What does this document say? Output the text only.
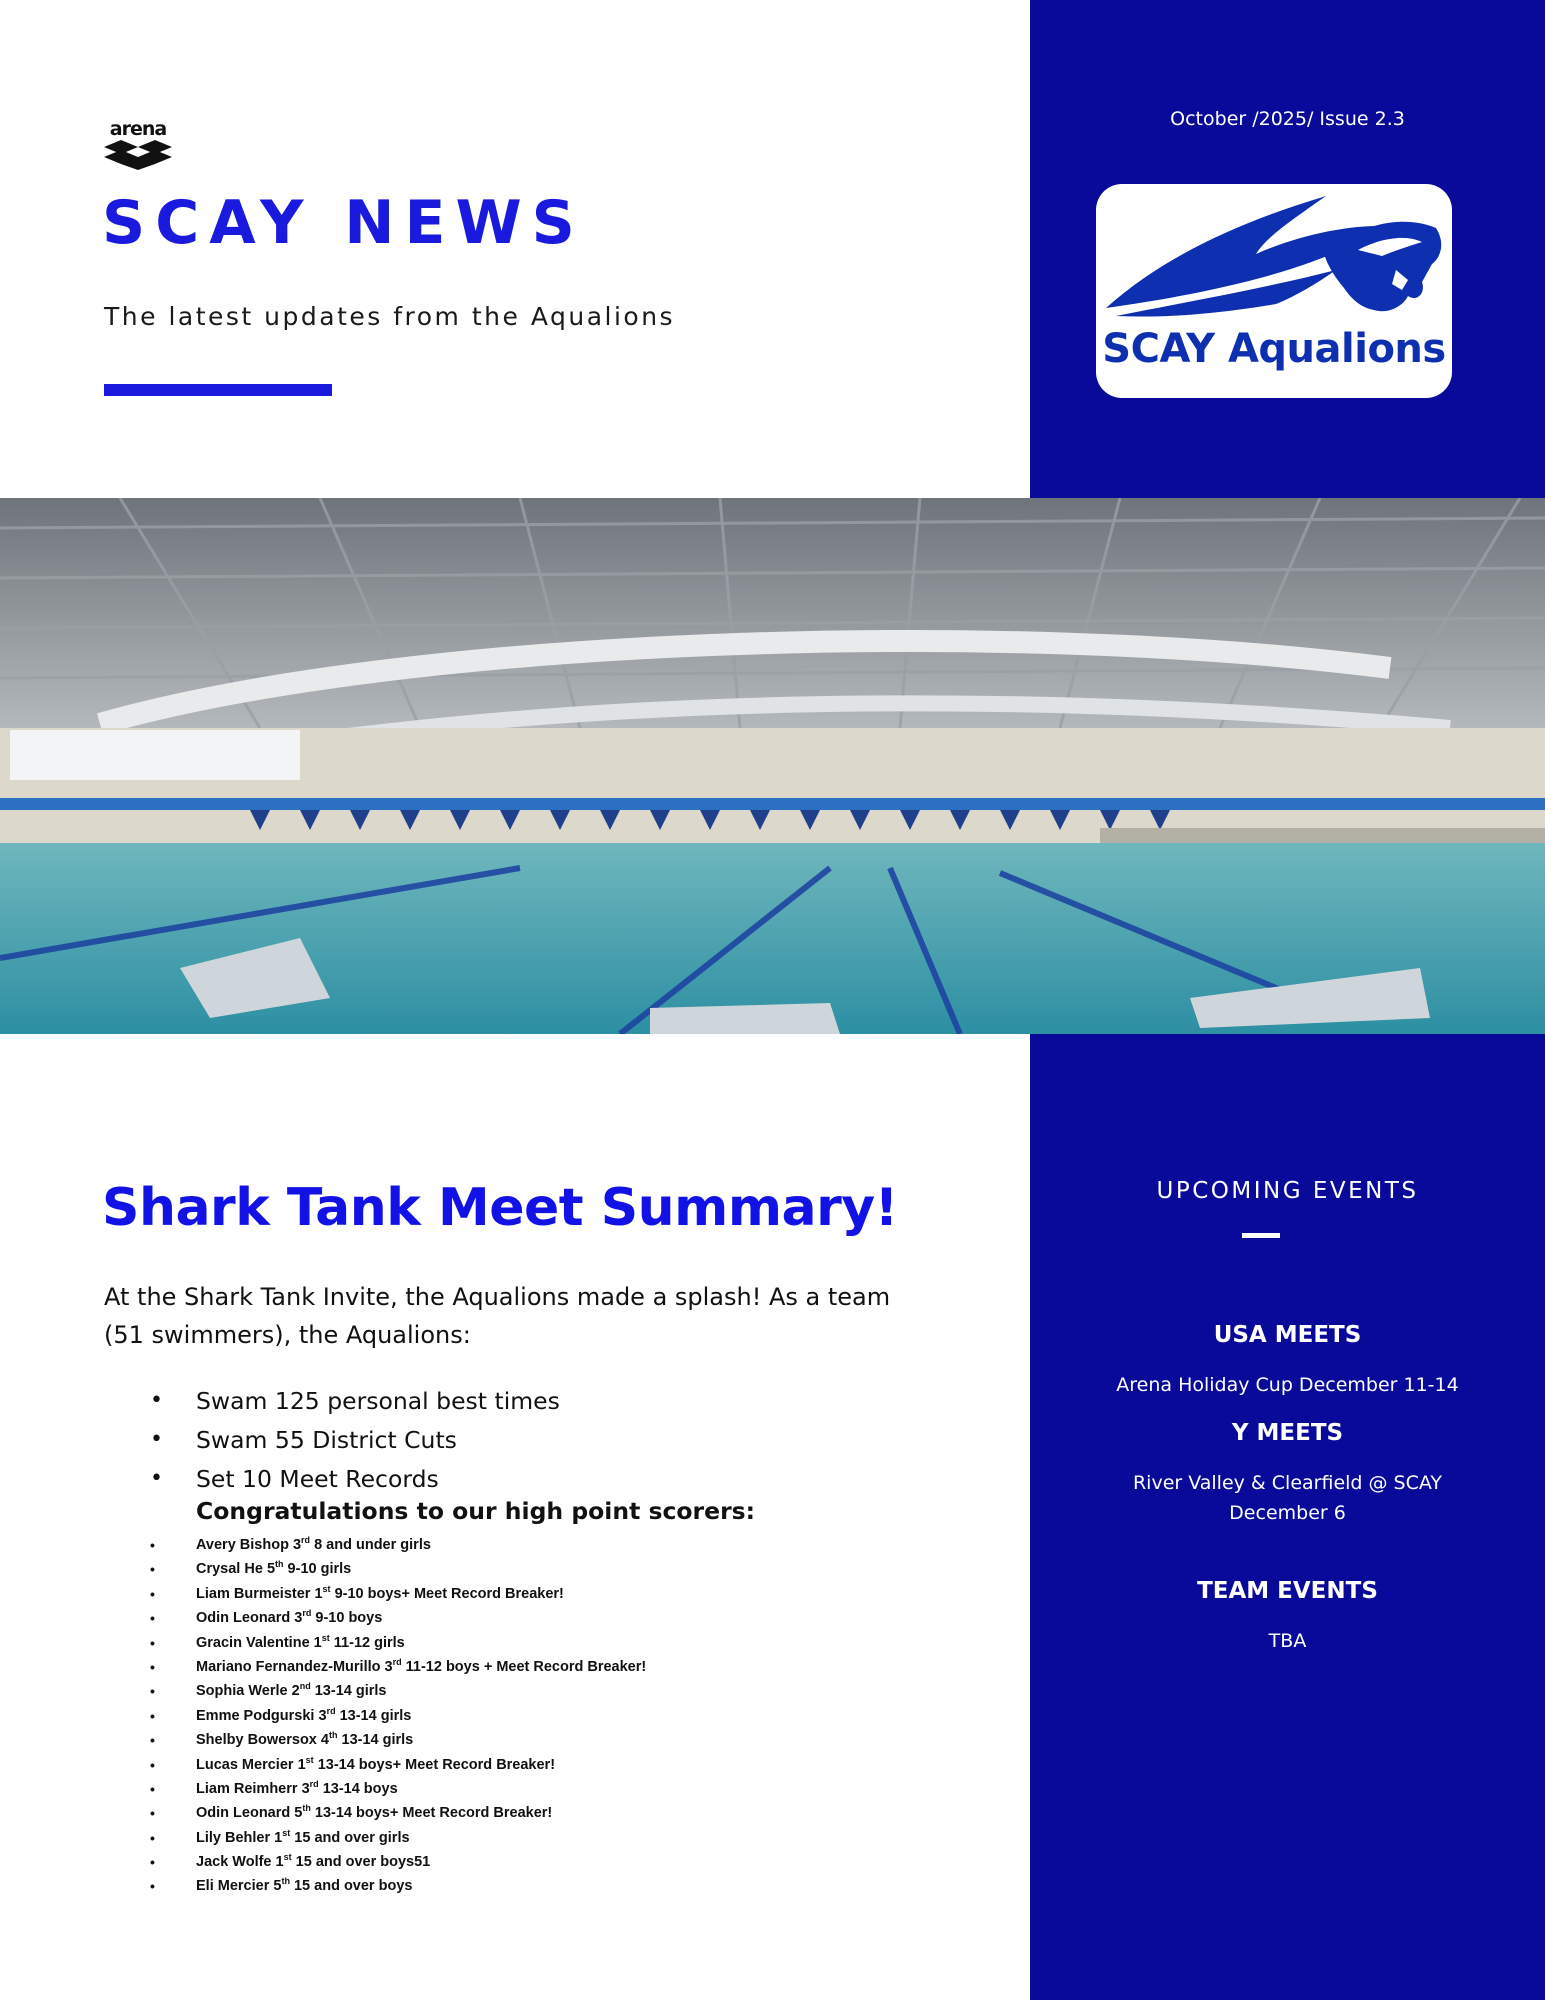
October /2025/ Issue 2.3
SCAY Aqualions
arena
SCAY NEWS
The latest updates from the Aqualions
Shark Tank Meet Summary!
At the Shark Tank Invite, the Aqualions made a splash! As a team (51 swimmers), the Aqualions:
• Swam 125 personal best times
• Swam 55 District Cuts
• Set 10 Meet Records
Congratulations to our high point scorers:
• Avery Bishop 3rd 8 and under girls
• Crysal He 5th 9-10 girls
• Liam Burmeister 1st 9-10 boys+ Meet Record Breaker!
• Odin Leonard 3rd 9-10 boys
• Gracin Valentine 1st 11-12 girls
• Mariano Fernandez-Murillo 3rd 11-12 boys + Meet Record Breaker!
• Sophia Werle 2nd 13-14 girls
• Emme Podgurski 3rd 13-14 girls
• Shelby Bowersox 4th 13-14 girls
• Lucas Mercier 1st 13-14 boys+ Meet Record Breaker!
• Liam Reimherr 3rd 13-14 boys
• Odin Leonard 5th 13-14 boys+ Meet Record Breaker!
• Lily Behler 1st 15 and over girls
• Jack Wolfe 1st 15 and over boys51
• Eli Mercier 5th 15 and over boys
UPCOMING EVENTS
USA MEETS
Arena Holiday Cup December 11-14
Y MEETS
River Valley & Clearfield @ SCAY
December 6
TEAM EVENTS
TBA
